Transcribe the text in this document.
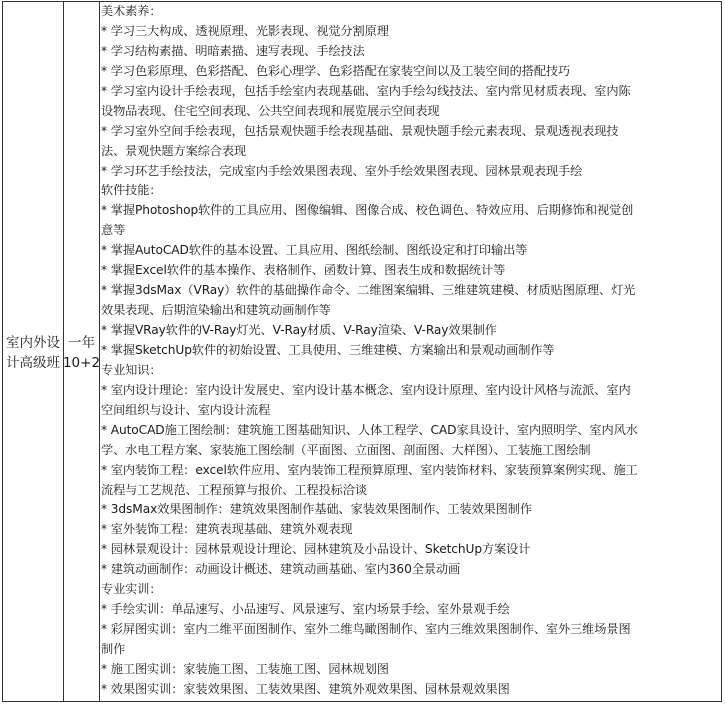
室内外设
计高级班
一年
10+2
美术素养：
* 学习三大构成、透视原理、光影表现、视觉分割原理
* 学习结构素描、明暗素描、速写表现、手绘技法
* 学习色彩原理、色彩搭配、色彩心理学、色彩搭配在家装空间以及工装空间的搭配技巧
* 学习室内设计手绘表现，包括手绘室内表现基础、室内手绘勾线技法、室内常见材质表现、室内陈
设物品表现、住宅空间表现、公共空间表现和展览展示空间表现
* 学习室外空间手绘表现，包括景观快题手绘表现基础、景观快题手绘元素表现、景观透视表现技
法、景观快题方案综合表现
* 学习环艺手绘技法，完成室内手绘效果图表现、室外手绘效果图表现、园林景观表现手绘
软件技能：
* 掌握Photoshop软件的工具应用、图像编辑、图像合成、校色调色、特效应用、后期修饰和视觉创
意等
* 掌握AutoCAD软件的基本设置、工具应用、图纸绘制、图纸设定和打印输出等
* 掌握Excel软件的基本操作、表格制作、函数计算、图表生成和数据统计等
* 掌握3dsMax（VRay）软件的基础操作命令、二维图案编辑、三维建筑建模、材质贴图原理、灯光
效果表现、后期渲染输出和建筑动画制作等
* 掌握VRay软件的V-Ray灯光、V-Ray材质、V-Ray渲染、V-Ray效果制作
* 掌握SketchUp软件的初始设置、工具使用、三维建模、方案输出和景观动画制作等
专业知识：
* 室内设计理论：室内设计发展史、室内设计基本概念、室内设计原理、室内设计风格与流派、室内
空间组织与设计、室内设计流程
* AutoCAD施工图绘制：建筑施工图基础知识、人体工程学、CAD家具设计、室内照明学、室内风水
学、水电工程方案、家装施工图绘制（平面图、立面图、剖面图、大样图）、工装施工图绘制
* 室内装饰工程：excel软件应用、室内装饰工程预算原理、室内装饰材料、家装预算案例实现、施工
流程与工艺规范、工程预算与报价、工程投标洽谈
* 3dsMax效果图制作：建筑效果图制作基础、家装效果图制作、工装效果图制作
* 室外装饰工程：建筑表现基础、建筑外观表现
* 园林景观设计：园林景观设计理论、园林建筑及小品设计、SketchUp方案设计
* 建筑动画制作：动画设计概述、建筑动画基础、室内360全景动画
专业实训：
* 手绘实训：单品速写、小品速写、风景速写、室内场景手绘、室外景观手绘
* 彩屏图实训：室内二维平面图制作、室外二维鸟瞰图制作、室内三维效果图制作、室外三维场景图
制作
* 施工图实训：家装施工图、工装施工图、园林规划图
* 效果图实训：家装效果图、工装效果图、建筑外观效果图、园林景观效果图
